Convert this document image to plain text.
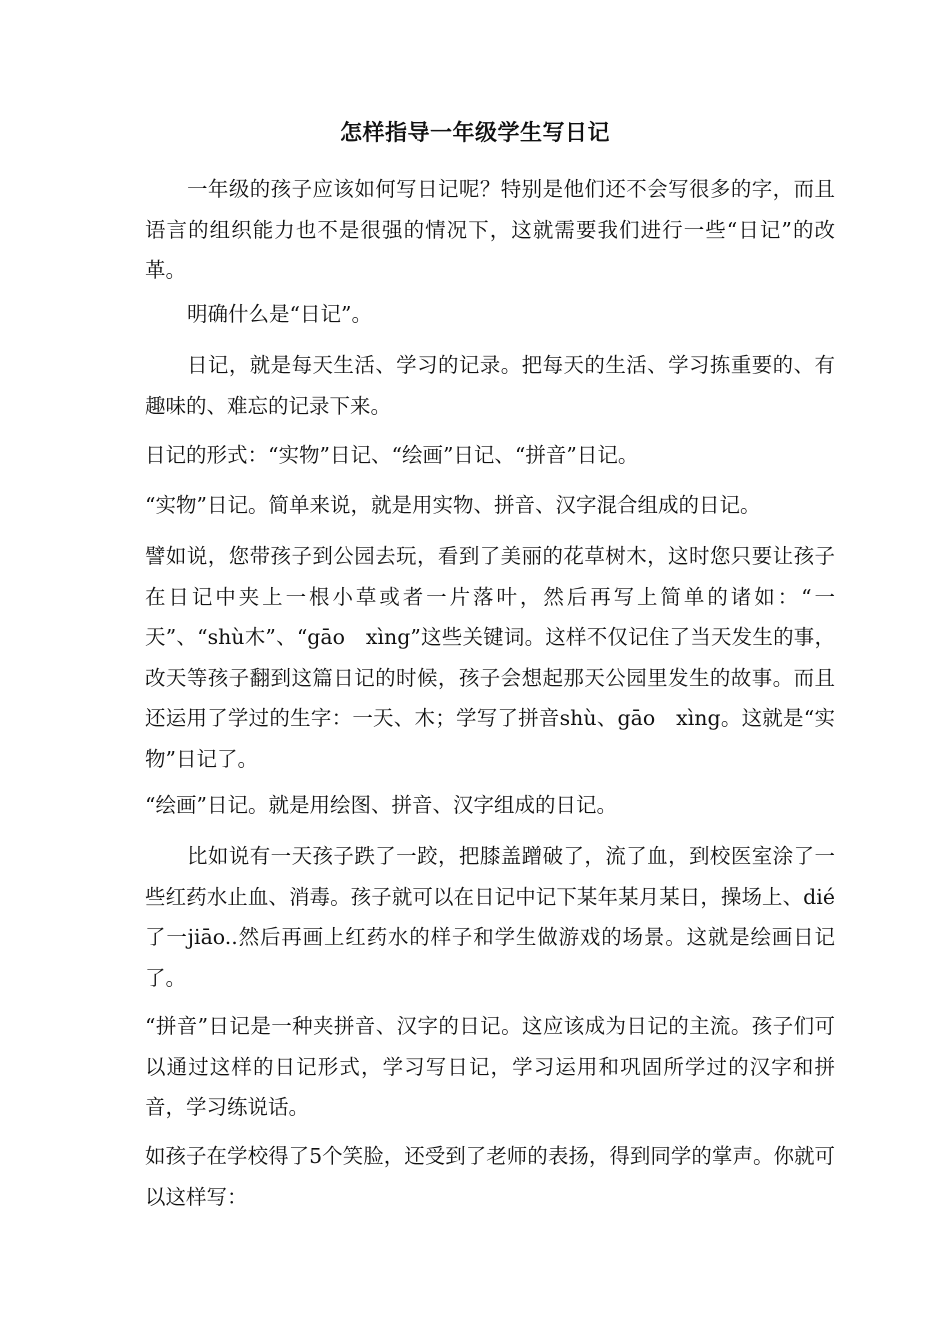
怎样指导一年级学生写日记

一年级的孩子应该如何写日记呢？特别是他们还不会写很多的字，而且语言的组织能力也不是很强的情况下，这就需要我们进行一些“日记”的改革。

明确什么是“日记”。

日记，就是每天生活、学习的记录。把每天的生活、学习拣重要的、有趣味的、难忘的记录下来。

日记的形式：“实物”日记、“绘画”日记、“拼音”日记。

“实物”日记。简单来说，就是用实物、拼音、汉字混合组成的日记。

譬如说，您带孩子到公园去玩，看到了美丽的花草树木，这时您只要让孩子在日记中夹上一根小草或者一片落叶，然后再写上简单的诸如：“一天”、“shù木”、“gāo　xìng”这些关键词。这样不仅记住了当天发生的事，改天等孩子翻到这篇日记的时候，孩子会想起那天公园里发生的故事。而且还运用了学过的生字：一天、木；学写了拼音shù、gāo　xìng。这就是“实物”日记了。

“绘画”日记。就是用绘图、拼音、汉字组成的日记。

比如说有一天孩子跌了一跤，把膝盖蹭破了，流了血，到校医室涂了一些红药水止血、消毒。孩子就可以在日记中记下某年某月某日，操场上、dié了一jiāo..然后再画上红药水的样子和学生做游戏的场景。这就是绘画日记了。

“拼音”日记是一种夹拼音、汉字的日记。这应该成为日记的主流。孩子们可以通过这样的日记形式，学习写日记，学习运用和巩固所学过的汉字和拼音，学习练说话。

如孩子在学校得了5个笑脸，还受到了老师的表扬，得到同学的掌声。你就可以这样写：
